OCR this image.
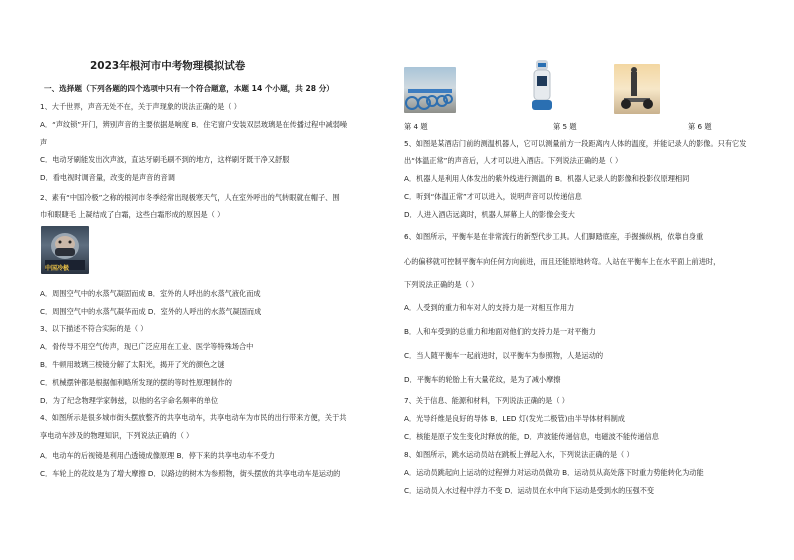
2023年根河市中考物理模拟试卷
一、选择题（下列各题的四个选项中只有一个符合题意，本题 14 个小题，共 28 分）
1、大千世界，声音无处不在，关于声现象的说法正确的是（ ）
A．“声纹锁”开门，辨别声音的主要依据是响度 B．住宅窗户安装双层玻璃是在传播过程中减弱噪
声
C．电动牙刷能发出次声波，直达牙刷毛刷不到的地方，这样刷牙既干净又舒服
D．看电视时调音量，改变的是声音的音调
2、素有“中国冷极”之称的根河市冬季经常出现极寒天气，人在室外呼出的气转眼就在帽子、围
巾和眼睫毛 上凝结成了白霜，这些白霜形成的原因是（ ）
中国冷极
A．周围空气中的水蒸气凝固而成 B．室外的人呼出的水蒸气液化而成
C．周围空气中的水蒸气凝华而成 D．室外的人呼出的水蒸气凝固而成
3、以下描述不符合实际的是（ ）
A．骨传导不用空气传声，现已广泛应用在工业、医学等特殊场合中
B．牛顿用玻璃三棱镜分解了太阳光，揭开了光的颜色之谜
C．机械摆钟都是根据伽利略所发现的摆的等时性原理制作的
D．为了纪念物理学家韩兹，以他的名字命名频率的单位
4、如图所示是很多城市街头摆放整齐的共享电动车，共享电动车为市民的出行带来方便，关于共
享电动车涉及的物理知识，下列说法正确的（ ）
A．电动车的后视镜是利用凸透镜成像原理 B．停下来的共享电动车不受力
C．车轮上的花纹是为了增大摩擦 D．以路边的树木为参照物，街头摆放的共享电动车是运动的
第 4 题	第 5 题	第 6 题
5、如图是某酒店门前的测温机器人，它可以测量前方一段距离内人体的温度，并能记录人的影像。只有它发
出“体温正常”的声音后，人才可以进入酒店。下列说法正确的是（ ）
A．机器人是利用人体发出的紫外线进行测温的 B．机器人记录人的影像和投影仪原理相同
C．听到“体温正常”才可以进入，说明声音可以传递信息
D．人进入酒店远离时，机器人屏幕上人的影像会变大
6、如图所示，平衡车是在非常流行的新型代步工具。人们脚踏底座，手握操纵柄，依靠自身重
心的偏移就可控制平衡车向任何方向前进，而且还能原地转弯。人站在平衡车上在水平面上前进时，
下列说法正确的是（ ）
A．人受到的重力和车对人的支持力是一对相互作用力
B．人和车受到的总重力和地面对他们的支持力是一对平衡力
C．当人随平衡车一起前进时，以平衡车为参照物，人是运动的
D．平衡车的轮胎上有大量花纹，是为了减小摩擦
7、关于信息、能源和材料，下列说法正确的是（ ）
A．光导纤维是良好的导体 B．LED 灯(发光二极管)由半导体材料制成
C．核能是原子发生变化时释放的能，D．声波能传递信息，电磁波不能传递信息
8、如图所示，跳水运动员站在跳板上弹起入水，下列说法正确的是（ ）
A．运动员跳起向上运动的过程弹力对运动员做功 B．运动员从高处落下时重力势能转化为动能
C．运动员入水过程中浮力不变 D．运动员在水中向下运动是受到水的压强不变
